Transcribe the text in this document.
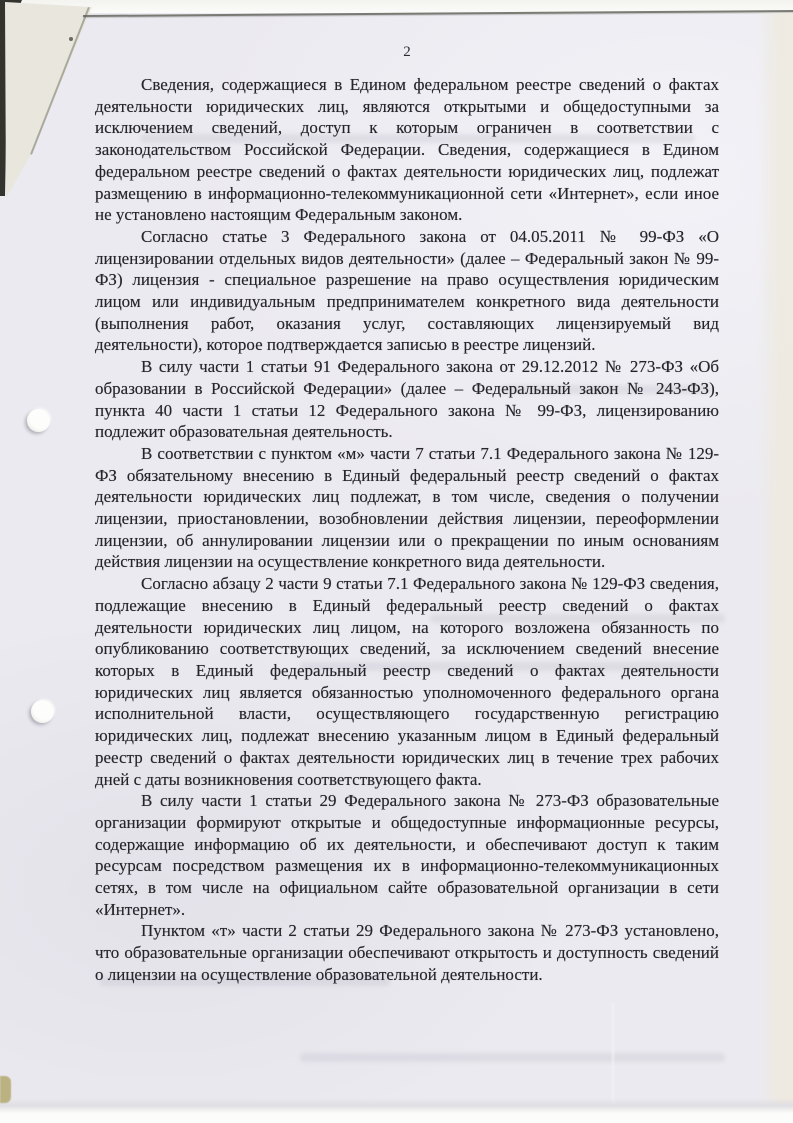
2

Сведения, содержащиеся в Едином федеральном реестре сведений о фактах деятельности юридических лиц, являются открытыми и общедоступными за исключением сведений, доступ к которым ограничен в соответствии с законодательством Российской Федерации. Сведения, содержащиеся в Едином федеральном реестре сведений о фактах деятельности юридических лиц, подлежат размещению в информационно-телекоммуникационной сети «Интернет», если иное не установлено настоящим Федеральным законом.

Согласно статье 3 Федерального закона от 04.05.2011 № 99-ФЗ «О лицензировании отдельных видов деятельности» (далее – Федеральный закон № 99-ФЗ) лицензия - специальное разрешение на право осуществления юридическим лицом или индивидуальным предпринимателем конкретного вида деятельности (выполнения работ, оказания услуг, составляющих лицензируемый вид деятельности), которое подтверждается записью в реестре лицензий.

В силу части 1 статьи 91 Федерального закона от 29.12.2012 № 273-ФЗ «Об образовании в Российской Федерации» (далее – Федеральный закон № 243-ФЗ), пункта 40 части 1 статьи 12 Федерального закона № 99-ФЗ, лицензированию подлежит образовательная деятельность.

В соответствии с пунктом «м» части 7 статьи 7.1 Федерального закона № 129-ФЗ обязательному внесению в Единый федеральный реестр сведений о фактах деятельности юридических лиц подлежат, в том числе, сведения о получении лицензии, приостановлении, возобновлении действия лицензии, переоформлении лицензии, об аннулировании лицензии или о прекращении по иным основаниям действия лицензии на осуществление конкретного вида деятельности.

Согласно абзацу 2 части 9 статьи 7.1 Федерального закона № 129-ФЗ сведения, подлежащие внесению в Единый федеральный реестр сведений о фактах деятельности юридических лиц лицом, на которого возложена обязанность по опубликованию соответствующих сведений, за исключением сведений внесение которых в Единый федеральный реестр сведений о фактах деятельности юридических лиц является обязанностью уполномоченного федерального органа исполнительной власти, осуществляющего государственную регистрацию юридических лиц, подлежат внесению указанным лицом в Единый федеральный реестр сведений о фактах деятельности юридических лиц в течение трех рабочих дней с даты возникновения соответствующего факта.

В силу части 1 статьи 29 Федерального закона № 273-ФЗ образовательные организации формируют открытые и общедоступные информационные ресурсы, содержащие информацию об их деятельности, и обеспечивают доступ к таким ресурсам посредством размещения их в информационно-телекоммуникационных сетях, в том числе на официальном сайте образовательной организации в сети «Интернет».

Пунктом «т» части 2 статьи 29 Федерального закона № 273-ФЗ установлено, что образовательные организации обеспечивают открытость и доступность сведений о лицензии на осуществление образовательной деятельности.
